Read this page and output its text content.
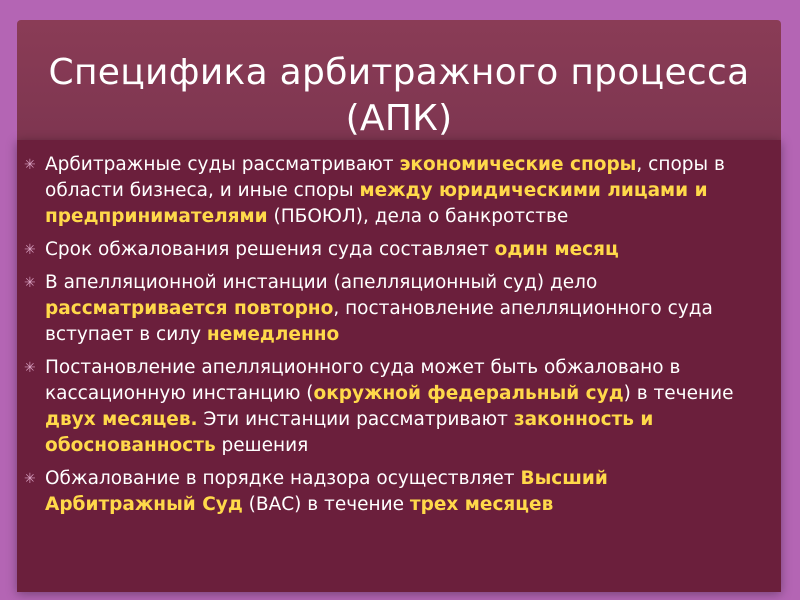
Специфика арбитражного процесса (АПК)
✳ Арбитражные суды рассматривают экономические споры, споры в области бизнеса, и иные споры между юридическими лицами и предпринимателями (ПБОЮЛ), дела о банкротстве
✳ Срок обжалования решения суда составляет один месяц
✳ В апелляционной инстанции (апелляционный суд) дело рассматривается повторно, постановление апелляционного суда вступает в силу немедленно
✳ Постановление апелляционного суда может быть обжаловано в кассационную инстанцию (окружной федеральный суд) в течение двух месяцев. Эти инстанции рассматривают законность и обоснованность решения
✳ Обжалование в порядке надзора осуществляет Высший Арбитражный Суд (ВАС) в течение трех месяцев
